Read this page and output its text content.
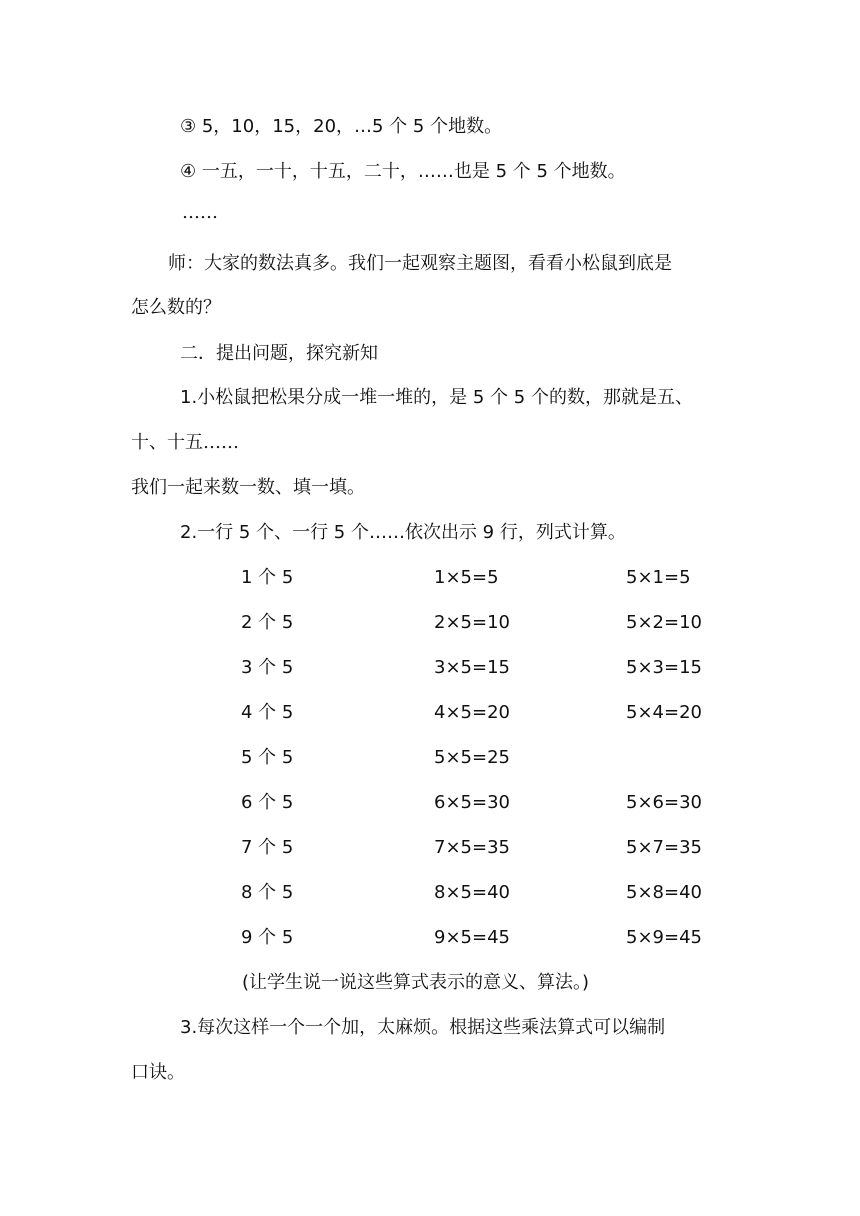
③ 5，10，15，20，…5 个 5 个地数。
④ 一五，一十，十五，二十，……也是 5 个 5 个地数。
……
师：大家的数法真多。我们一起观察主题图，看看小松鼠到底是
怎么数的？
二．提出问题，探究新知
1.小松鼠把松果分成一堆一堆的，是 5 个 5 个的数，那就是五、
十、十五……
我们一起来数一数、填一填。
2.一行 5 个、一行 5 个……依次出示 9 行，列式计算。
1 个 5	1×5=5	5×1=5
2 个 5	2×5=10	5×2=10
3 个 5	3×5=15	5×3=15
4 个 5	4×5=20	5×4=20
5 个 5	5×5=25
6 个 5	6×5=30	5×6=30
7 个 5	7×5=35	5×7=35
8 个 5	8×5=40	5×8=40
9 个 5	9×5=45	5×9=45
(让学生说一说这些算式表示的意义、算法。)
3.每次这样一个一个加，太麻烦。根据这些乘法算式可以编制
口诀。
